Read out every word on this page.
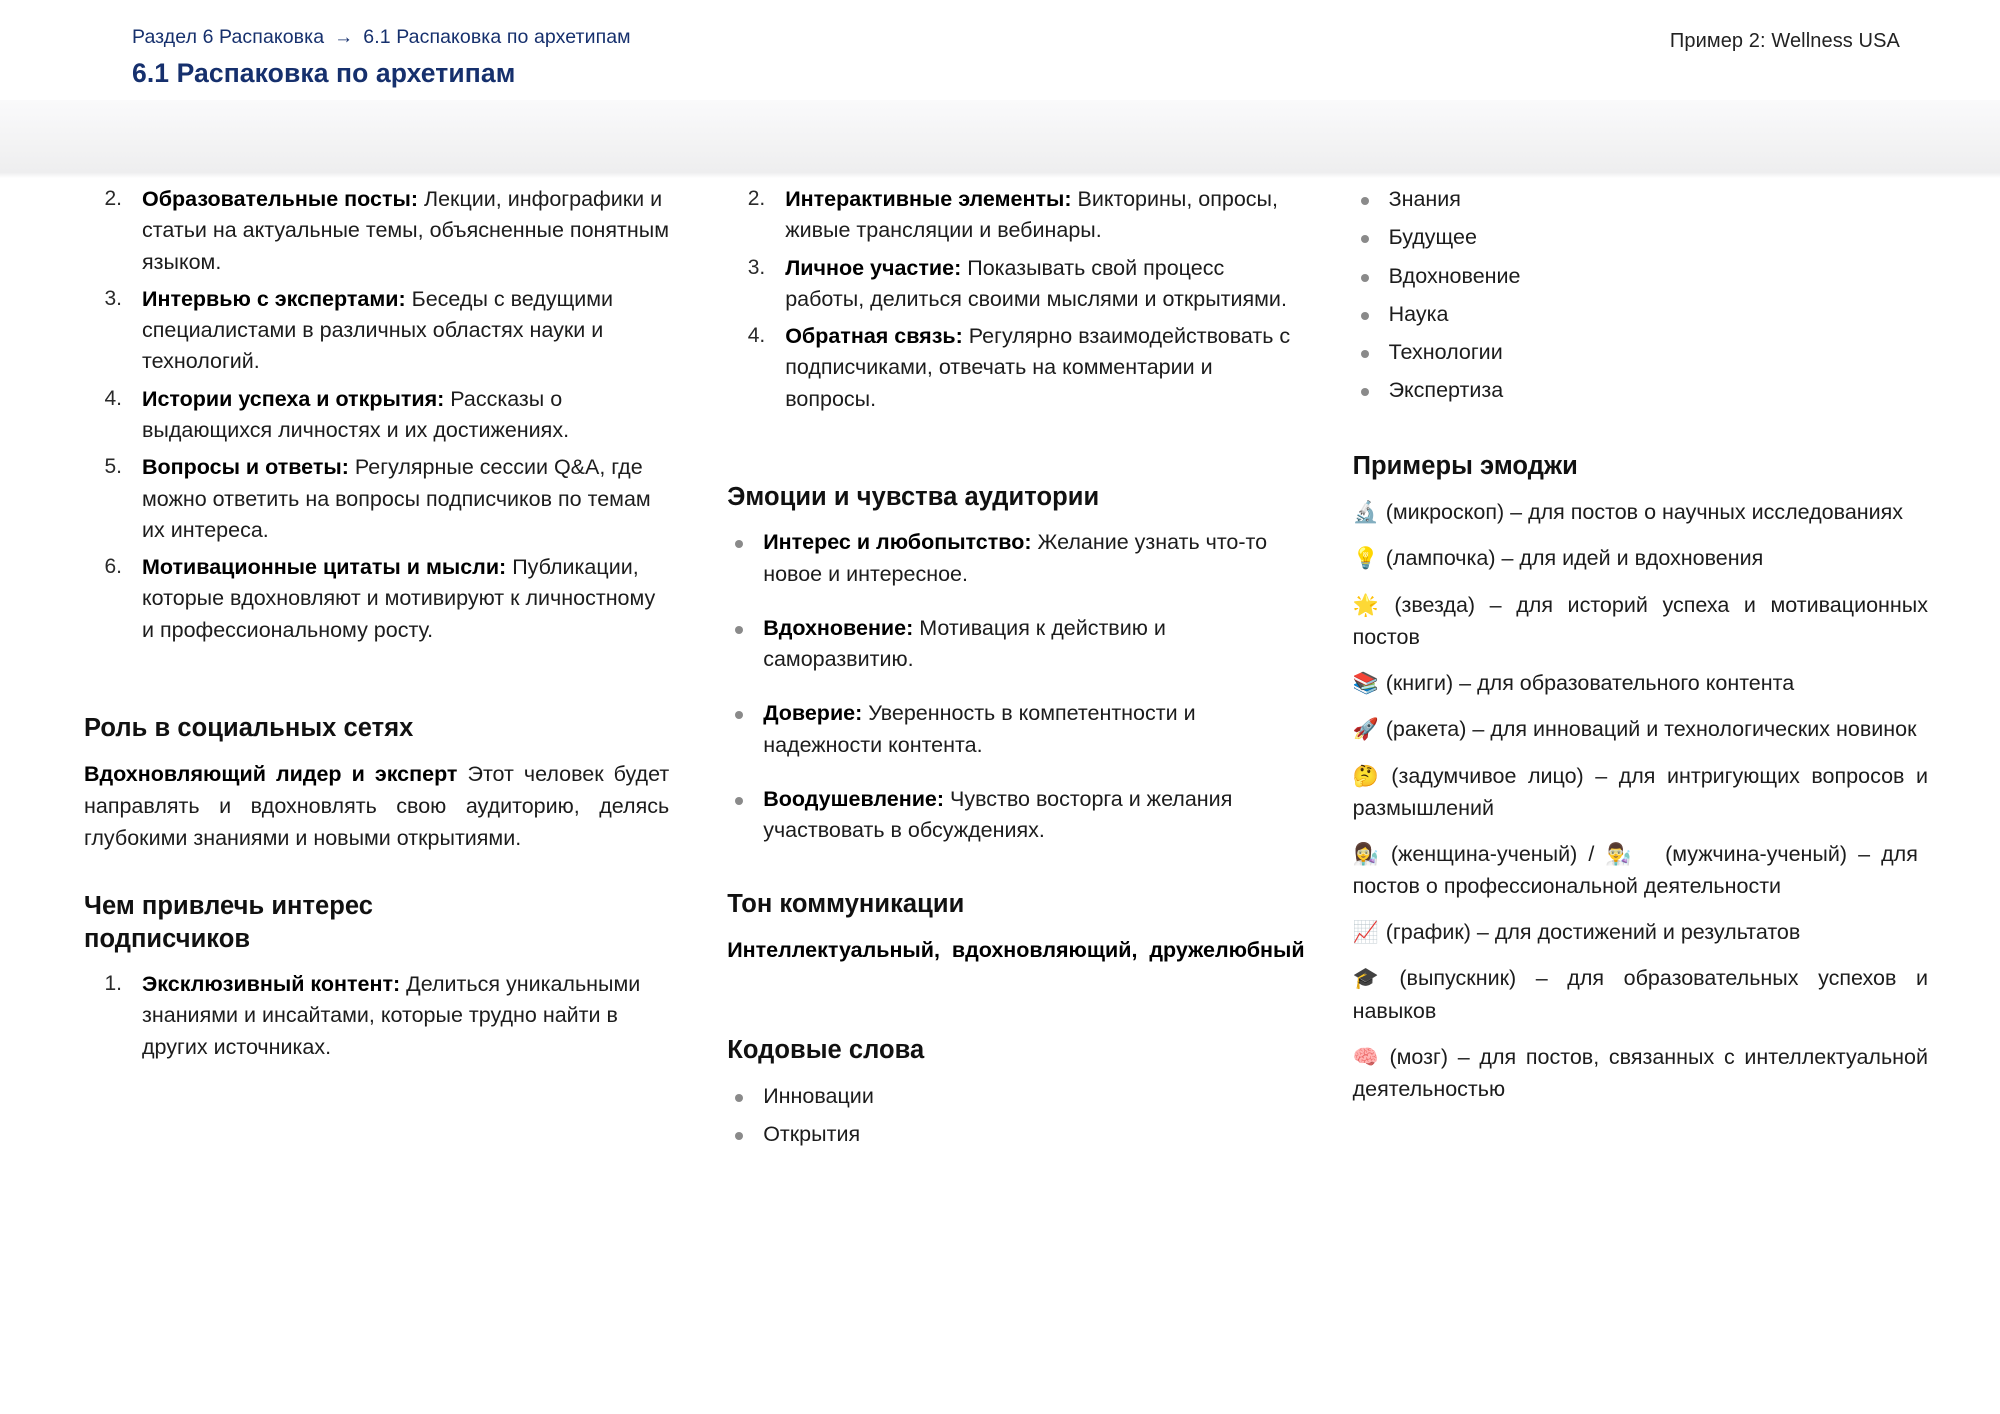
Раздел 6 Распаковка → 6.1 Распаковка по архетипам
6.1 Распаковка по архетипам
Пример 2: Wellness USA
2. Образовательные посты: Лекции, инфографики и статьи на актуальные темы, объясненные понятным языком.
3. Интервью с экспертами: Беседы с ведущими специалистами в различных областях науки и технологий.
4. Истории успеха и открытия: Рассказы о выдающихся личностях и их достижениях.
5. Вопросы и ответы: Регулярные сессии Q&A, где можно ответить на вопросы подписчиков по темам их интереса.
6. Мотивационные цитаты и мысли: Публикации, которые вдохновляют и мотивируют к личностному и профессиональному росту.
Роль в социальных сетях

Вдохновляющий лидер и эксперт Этот человек будет направлять и вдохновлять свою аудиторию, делясь глубокими знаниями и новыми открытиями.

Чем привлечь интерес
подписчиков
1. Эксклюзивный контент: Делиться уникальными знаниями и инсайтами, которые трудно найти в других источниках.
2. Интерактивные элементы: Викторины, опросы, живые трансляции и вебинары.
3. Личное участие: Показывать свой процесс работы, делиться своими мыслями и открытиями.
4. Обратная связь: Регулярно взаимодействовать с подписчиками, отвечать на комментарии и вопросы.
Эмоции и чувства аудитории
Интерес и любопытство: Желание узнать что-то новое и интересное.
Вдохновение: Мотивация к действию и саморазвитию.
Доверие: Уверенность в компетентности и надежности контента.
Воодушевление: Чувство восторга и желания участвовать в обсуждениях.
Тон коммуникации

Интеллектуальный, вдохновляющий, дружелюбный

Кодовые слова
Инновации
Открытия
Знания
Будущее
Вдохновение
Наука
Технологии
Экспертиза
Примеры эмоджи
🔬 (микроскоп) – для постов о научных исследованиях
💡 (лампочка) – для идей и вдохновения
🌟 (звезда) – для историй успеха и мотивационных постов
📚 (книги) – для образовательного контента
🚀 (ракета) – для инноваций и технологических новинок
🤔 (задумчивое лицо) – для интригующих вопросов и размышлений
👩‍🔬 (женщина-ученый) / 👨‍🔬 (мужчина-ученый) – для постов о профессиональной деятельности
📈 (график) – для достижений и результатов
🎓 (выпускник) – для образовательных успехов и навыков
🧠 (мозг) – для постов, связанных с интеллектуальной деятельностью
